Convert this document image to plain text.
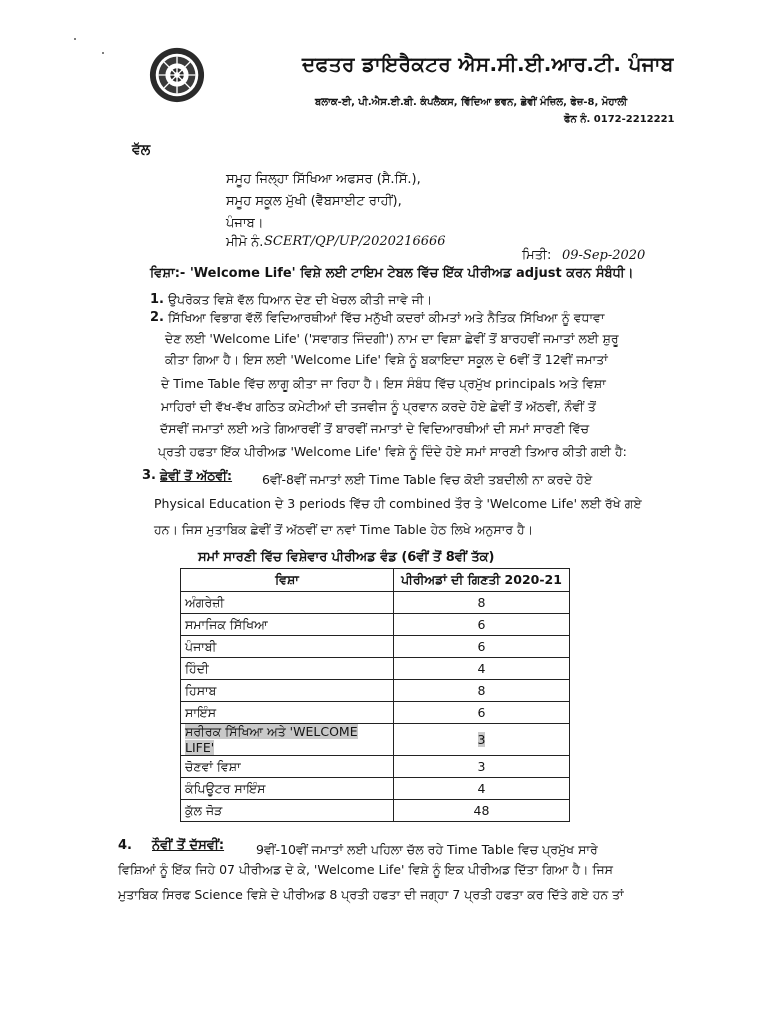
ਦਫਤਰ ਡਾਇਰੈਕਟਰ ਐਸ.ਸੀ.ਈ.ਆਰ.ਟੀ. ਪੰਜਾਬ
ਬਲਾਕ-ਈ, ਪੀ.ਐਸ.ਈ.ਬੀ. ਕੰਪਲੈਕਸ, ਵਿੱਦਿਆ ਭਵਨ, ਛੇਵੀਂ ਮੰਜ਼ਿਲ, ਫੇਜ਼-8, ਮੋਹਾਲੀ
ਫੋਨ ਨੰ. 0172-2212221
ਵੱਲ
ਸਮੂਹ ਜਿਲ੍ਹਾ ਸਿੱਖਿਆ ਅਫਸਰ (ਸੈ.ਸਿੱ.),
ਸਮੂਹ ਸਕੂਲ ਮੁੱਖੀ (ਵੈੱਬਸਾਈਟ ਰਾਹੀਂ),
ਪੰਜਾਬ।
ਮੀਮੋ ਨੰ. SCERT/QP/UP/2020216666
ਮਿਤੀ: 09-Sep-2020
ਵਿਸ਼ਾ:- 'Welcome Life' ਵਿਸ਼ੇ ਲਈ ਟਾਇਮ ਟੇਬਲ ਵਿੱਚ ਇੱਕ ਪੀਰੀਅਡ adjust ਕਰਨ ਸੰਬੰਧੀ।
1. ਉਪਰੋਕਤ ਵਿਸ਼ੇ ਵੱਲ ਧਿਆਨ ਦੇਣ ਦੀ ਖੇਚਲ ਕੀਤੀ ਜਾਵੇ ਜੀ।
2. ਸਿੱਖਿਆ ਵਿਭਾਗ ਵੱਲੋਂ ਵਿਦਿਆਰਥੀਆਂ ਵਿੱਚ ਮਨੁੱਖੀ ਕਦਰਾਂ ਕੀਮਤਾਂ ਅਤੇ ਨੈਤਿਕ ਸਿੱਖਿਆ ਨੂੰ ਵਧਾਵਾ
ਦੇਣ ਲਈ 'Welcome Life' ('ਸਵਾਗਤ ਜਿੰਦਗੀ') ਨਾਮ ਦਾ ਵਿਸ਼ਾ ਛੇਵੀਂ ਤੋਂ ਬਾਰਹਵੀਂ ਜਮਾਤਾਂ ਲਈ ਸ਼ੁਰੂ
ਕੀਤਾ ਗਿਆ ਹੈ। ਇਸ ਲਈ 'Welcome Life' ਵਿਸ਼ੇ ਨੂੰ ਬਕਾਇਦਾ ਸਕੂਲ ਦੇ 6ਵੀਂ ਤੋਂ 12ਵੀਂ ਜਮਾਤਾਂ
ਦੇ Time Table ਵਿੱਚ ਲਾਗੂ ਕੀਤਾ ਜਾ ਰਿਹਾ ਹੈ। ਇਸ ਸੰਬੰਧ ਵਿੱਚ ਪ੍ਰਮੁੱਖ principals ਅਤੇ ਵਿਸ਼ਾ
ਮਾਹਿਰਾਂ ਦੀ ਵੱਖ-ਵੱਖ ਗਠਿਤ ਕਮੇਟੀਆਂ ਦੀ ਤਜਵੀਜ ਨੂੰ ਪ੍ਰਵਾਨ ਕਰਦੇ ਹੋਏ ਛੇਵੀਂ ਤੋਂ ਅੱਠਵੀਂ, ਨੌਵੀਂ ਤੋਂ
ਦੱਸਵੀਂ ਜਮਾਤਾਂ ਲਈ ਅਤੇ ਗਿਆਰਵੀਂ ਤੋਂ ਬਾਰਵੀਂ ਜਮਾਤਾਂ ਦੇ ਵਿਦਿਆਰਥੀਆਂ ਦੀ ਸਮਾਂ ਸਾਰਣੀ ਵਿੱਚ
ਪ੍ਰਤੀ ਹਫਤਾ ਇੱਕ ਪੀਰੀਅਡ 'Welcome Life' ਵਿਸ਼ੇ ਨੂੰ ਦਿੰਦੇ ਹੋਏ ਸਮਾਂ ਸਾਰਣੀ ਤਿਆਰ ਕੀਤੀ ਗਈ ਹੈ:
3. ਛੇਵੀਂ ਤੋਂ ਅੱਠਵੀਂ: 6ਵੀਂ-8ਵੀਂ ਜਮਾਤਾਂ ਲਈ Time Table ਵਿਚ ਕੋਈ ਤਬਦੀਲੀ ਨਾ ਕਰਦੇ ਹੋਏ
Physical Education ਦੇ 3 periods ਵਿੱਚ ਹੀ combined ਤੌਰ ਤੇ 'Welcome Life' ਲਈ ਰੱਖੇ ਗਏ
ਹਨ। ਜਿਸ ਮੁਤਾਬਿਕ ਛੇਵੀਂ ਤੋਂ ਅੱਠਵੀਂ ਦਾ ਨਵਾਂ Time Table ਹੇਠ ਲਿਖੇ ਅਨੁਸਾਰ ਹੈ।
ਸਮਾਂ ਸਾਰਣੀ ਵਿੱਚ ਵਿਸ਼ੇਵਾਰ ਪੀਰੀਅਡ ਵੰਡ (6ਵੀਂ ਤੋਂ 8ਵੀਂ ਤੱਕ)
ਵਿਸ਼ਾ	ਪੀਰੀਅਡਾਂ ਦੀ ਗਿਣਤੀ 2020-21
ਅੰਗਰੇਜ਼ੀ	8
ਸਮਾਜਿਕ ਸਿੱਖਿਆ	6
ਪੰਜਾਬੀ	6
ਹਿੰਦੀ	4
ਹਿਸਾਬ	8
ਸਾਇੰਸ	6
ਸਰੀਰਕ ਸਿੱਖਿਆ ਅਤੇ 'WELCOME LIFE'	3
ਚੋਣਵਾਂ ਵਿਸ਼ਾ	3
ਕੰਪਿਊਟਰ ਸਾਇੰਸ	4
ਕੁੱਲ ਜੋੜ	48
4. ਨੌਵੀਂ ਤੋਂ ਦੱਸਵੀਂ:	9ਵੀਂ-10ਵੀਂ ਜਮਾਤਾਂ ਲਈ ਪਹਿਲਾ ਚੱਲ ਰਹੇ Time Table ਵਿਚ ਪ੍ਰਮੁੱਖ ਸਾਰੇ
ਵਿਸ਼ਿਆਂ ਨੂੰ ਇੱਕ ਜਿਹੇ 07 ਪੀਰੀਅਡ ਦੇ ਕੇ, 'Welcome Life' ਵਿਸ਼ੇ ਨੂੰ ਇਕ ਪੀਰੀਅਡ ਦਿੱਤਾ ਗਿਆ ਹੈ। ਜਿਸ
ਮੁਤਾਬਿਕ ਸਿਰਫ Science ਵਿਸ਼ੇ ਦੇ ਪੀਰੀਅਡ 8 ਪ੍ਰਤੀ ਹਫਤਾ ਦੀ ਜਗ੍ਹਾ 7 ਪ੍ਰਤੀ ਹਫਤਾ ਕਰ ਦਿੱਤੇ ਗਏ ਹਨ ਤਾਂ
